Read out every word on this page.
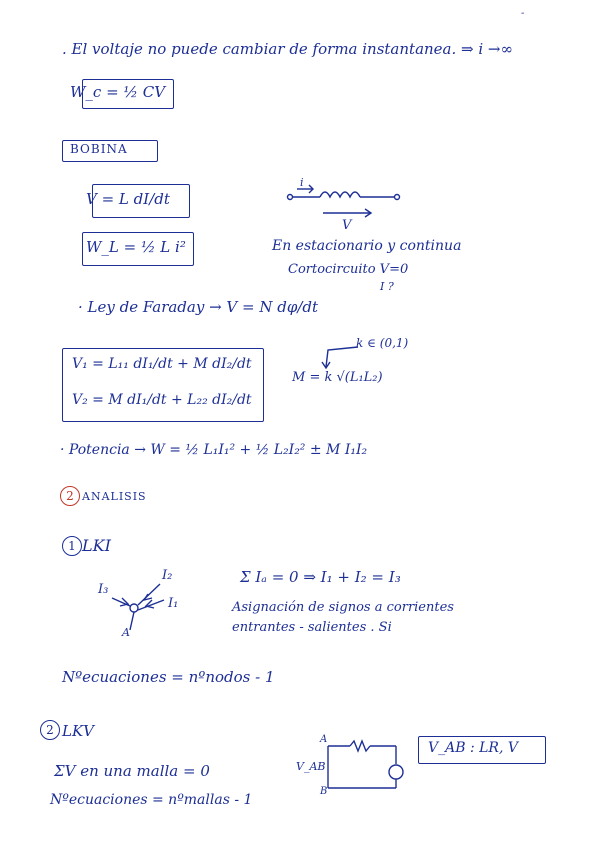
. El voltaje no puede cambiar de forma instantanea. ⇒ i →∞
-
W_c = ½ CV
BOBINA
V = L dI/dt
W_L = ½ L i²
i
V
En estacionario y continua
Cortocircuito V=0
I ?
· Ley de Faraday → V = N dφ/dt
V₁ = L₁₁ dI₁/dt + M dI₂/dt
V₂ = M dI₁/dt + L₂₂ dI₂/dt
k ∈ (0,1)
M = k √(L₁L₂)
· Potencia → W = ½ L₁I₁² + ½ L₂I₂² ± M I₁I₂
2 ANALISIS
1 LKI
I₃
I₂
I₁
A
Σ Iₐ = 0 ⇒ I₁ + I₂ = I₃
Asignación de signos a corrientes
entrantes - salientes . Si
Nºecuaciones = nºnodos - 1
2 LKV
ΣV en una malla = 0
Nºecuaciones = nºmallas - 1
A
B
V_AB
V_AB : LR, V
